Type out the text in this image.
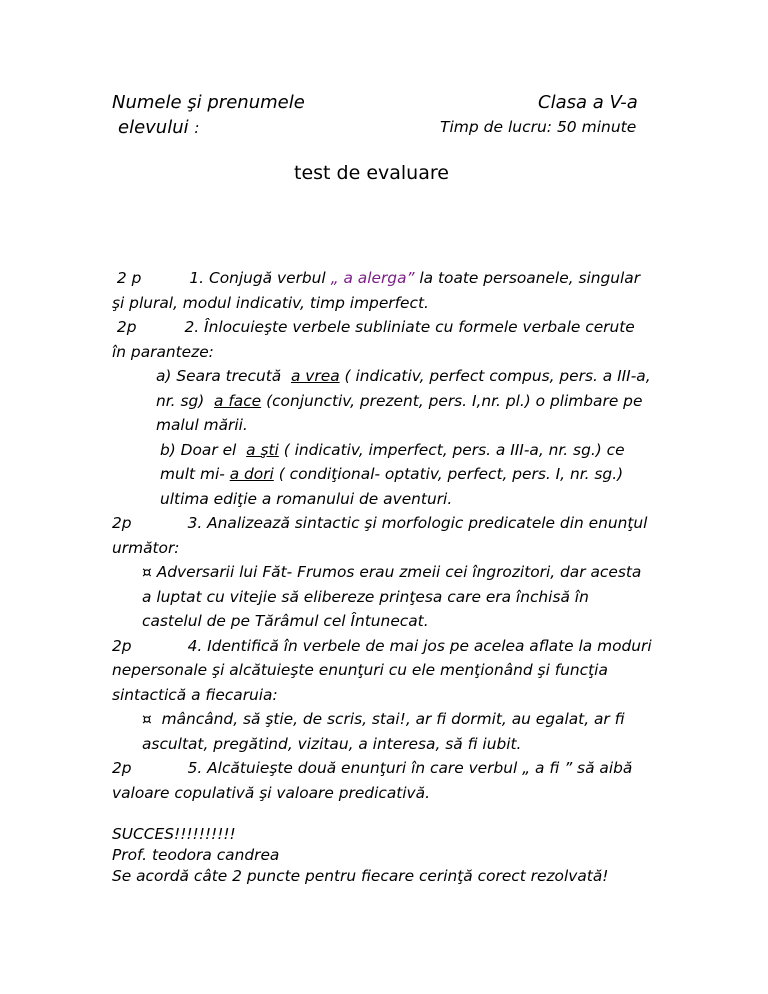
Numele şi prenumele
elevului :
Clasa a V-a
Timp de lucru: 50 minute
test de evaluare

2 p	1. Conjugă verbul „ a alerga” la toate persoanele, singular şi plural, modul indicativ, timp imperfect.

2p	2. Înlocuieşte verbele subliniate cu formele verbale cerute în paranteze:

a) Seara trecută a vrea ( indicativ, perfect compus, pers. a III-a, nr. sg) a face (conjunctiv, prezent, pers. I,nr. pl.) o plimbare pe malul mării.

b) Doar el a şti ( indicativ, imperfect, pers. a III-a, nr. sg.) ce mult mi- a dori ( condiţional- optativ, perfect, pers. I, nr. sg.) ultima ediţie a romanului de aventuri.

2p	3. Analizează sintactic şi morfologic predicatele din enunţul următor:

¤ Adversarii lui Făt- Frumos erau zmeii cei îngrozitori, dar acesta a luptat cu vitejie să elibereze prinţesa care era închisă în castelul de pe Tărâmul cel Întunecat.

2p	4. Identifică în verbele de mai jos pe acelea aflate la moduri nepersonale şi alcătuieşte enunţuri cu ele menţionând şi funcţia sintactică a fiecaruia:

¤ mâncând, să ştie, de scris, stai!, ar fi dormit, au egalat, ar fi ascultat, pregătind, vizitau, a interesa, să fi iubit.

2p	5. Alcătuieşte două enunţuri în care verbul „ a fi ” să aibă valoare copulativă şi valoare predicativă.

SUCCES!!!!!!!!!!
Prof. teodora candrea
Se acordă câte 2 puncte pentru fiecare cerinţă corect rezolvată!
